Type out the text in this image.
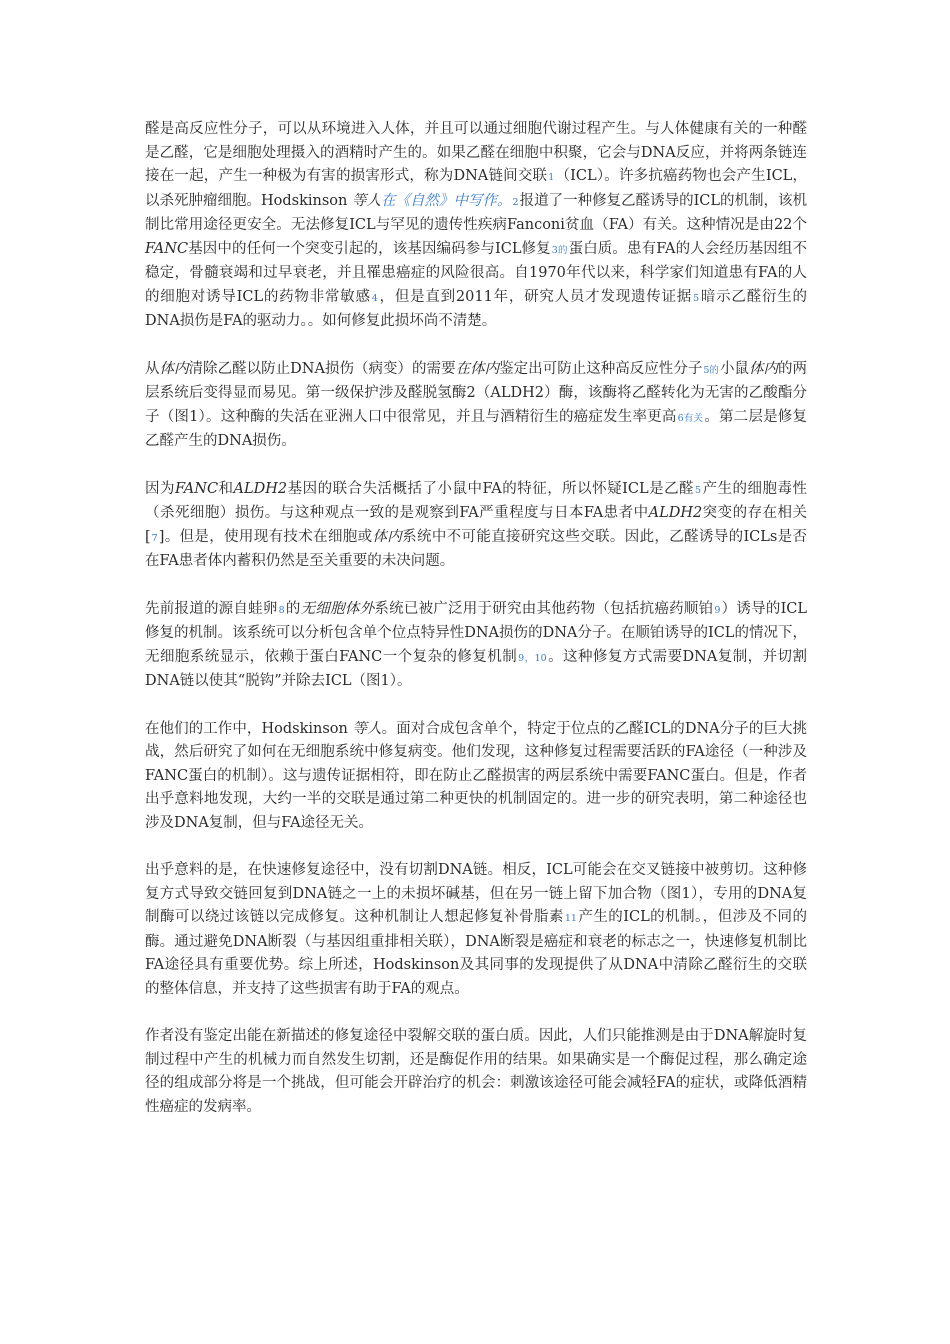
醛是高反应性分子，可以从环境进入人体，并且可以通过细胞代谢过程产生。与人体健康有关的一种醛是乙醛，它是细胞处理摄入的酒精时产生的。如果乙醛在细胞中积聚，它会与DNA反应，并将两条链连接在一起，产生一种极为有害的损害形式，称为DNA链间交联1（ICL）。许多抗癌药物也会产生ICL，以杀死肿瘤细胞。Hodskinson 等人在《自然》中写作。2报道了一种修复乙醛诱导的ICL的机制，该机制比常用途径更安全。无法修复ICL与罕见的遗传性疾病Fanconi贫血（FA）有关。这种情况是由22个FANC基因中的任何一个突变引起的，该基因编码参与ICL修复3的蛋白质。患有FA的人会经历基因组不稳定，骨髓衰竭和过早衰老，并且罹患癌症的风险很高。自1970年代以来，科学家们知道患有FA的人的细胞对诱导ICL的药物非常敏感4，但是直到2011年，研究人员才发现遗传证据5暗示乙醛衍生的DNA损伤是FA的驱动力。。如何修复此损坏尚不清楚。

从体内清除乙醛以防止DNA损伤（病变）的需要在体内鉴定出可防止这种高反应性分子5的小鼠体内的两层系统后变得显而易见。第一级保护涉及醛脱氢酶2（ALDH2）酶，该酶将乙醛转化为无害的乙酸酯分子（图1）。这种酶的失活在亚洲人口中很常见，并且与酒精衍生的癌症发生率更高6有关。第二层是修复乙醛产生的DNA损伤。

因为FANC和ALDH2基因的联合失活概括了小鼠中FA的特征，所以怀疑ICL是乙醛5产生的细胞毒性（杀死细胞）损伤。与这种观点一致的是观察到FA严重程度与日本FA患者中ALDH2突变的存在相关[7]。但是，使用现有技术在细胞或体内系统中不可能直接研究这些交联。因此，乙醛诱导的ICLs是否在FA患者体内蓄积仍然是至关重要的未决问题。

先前报道的源自蛙卵8的无细胞体外系统已被广泛用于研究由其他药物（包括抗癌药顺铂9）诱导的ICL修复的机制。该系统可以分析包含单个位点特异性DNA损伤的DNA分子。在顺铂诱导的ICL的情况下，无细胞系统显示，依赖于蛋白FANC一个复杂的修复机制9，10。这种修复方式需要DNA复制，并切割DNA链以使其“脱钩”并除去ICL（图1）。

在他们的工作中，Hodskinson 等人。面对合成包含单个，特定于位点的乙醛ICL的DNA分子的巨大挑战，然后研究了如何在无细胞系统中修复病变。他们发现，这种修复过程需要活跃的FA途径（一种涉及FANC蛋白的机制）。这与遗传证据相符，即在防止乙醛损害的两层系统中需要FANC蛋白。但是，作者出乎意料地发现，大约一半的交联是通过第二种更快的机制固定的。进一步的研究表明，第二种途径也涉及DNA复制，但与FA途径无关。

出乎意料的是，在快速修复途径中，没有切割DNA链。相反，ICL可能会在交叉链接中被剪切。这种修复方式导致交链回复到DNA链之一上的未损坏碱基，但在另一链上留下加合物（图1），专用的DNA复制酶可以绕过该链以完成修复。这种机制让人想起修复补骨脂素11产生的ICL的机制。，但涉及不同的酶。通过避免DNA断裂（与基因组重排相关联），DNA断裂是癌症和衰老的标志之一，快速修复机制比FA途径具有重要优势。综上所述，Hodskinson及其同事的发现提供了从DNA中清除乙醛衍生的交联的整体信息，并支持了这些损害有助于FA的观点。

作者没有鉴定出能在新描述的修复途径中裂解交联的蛋白质。因此，人们只能推测是由于DNA解旋时复制过程中产生的机械力而自然发生切割，还是酶促作用的结果。如果确实是一个酶促过程，那么确定途径的组成部分将是一个挑战，但可能会开辟治疗的机会：刺激该途径可能会减轻FA的症状，或降低酒精性癌症的发病率。
